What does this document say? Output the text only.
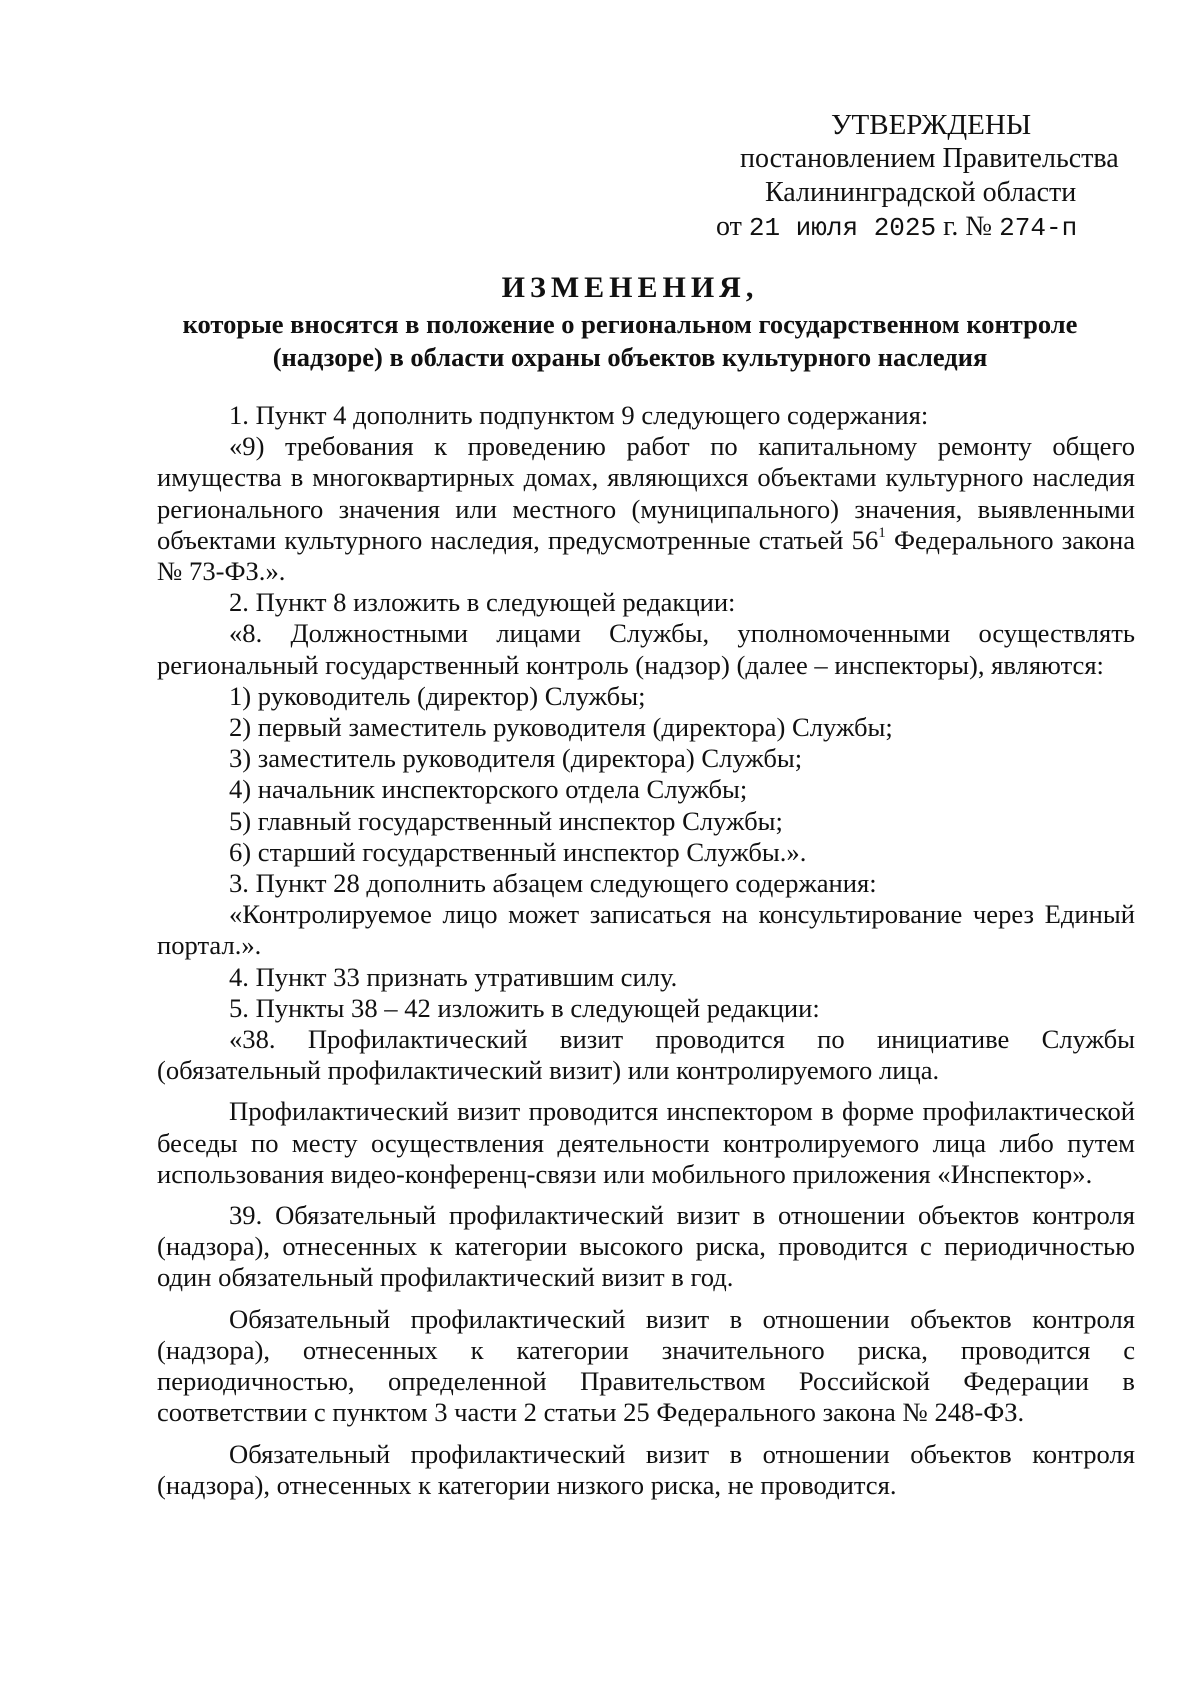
УТВЕРЖДЕНЫ
постановлением Правительства
Калининградской области
от 21 июля 2025 г. № 274-п
ИЗМЕНЕНИЯ,
которые вносятся в положение о региональном государственном контроле
(надзоре) в области охраны объектов культурного наследия

1. Пункт 4 дополнить подпунктом 9 следующего содержания:

«9) требования к проведению работ по капитальному ремонту общего имущества в многоквартирных домах, являющихся объектами культурного наследия регионального значения или местного (муниципального) значения, выявленными объектами культурного наследия, предусмотренные статьей $56^1$ Федерального закона № 73-ФЗ.».

2. Пункт 8 изложить в следующей редакции:

«8. Должностными лицами Службы, уполномоченными осуществлять региональный государственный контроль (надзор) (далее – инспекторы), являются:

1) руководитель (директор) Службы;

2) первый заместитель руководителя (директора) Службы;

3) заместитель руководителя (директора) Службы;

4) начальник инспекторского отдела Службы;

5) главный государственный инспектор Службы;

6) старший государственный инспектор Службы.».

3. Пункт 28 дополнить абзацем следующего содержания:

«Контролируемое лицо может записаться на консультирование через Единый портал.».

4. Пункт 33 признать утратившим силу.

5. Пункты 38 – 42 изложить в следующей редакции:

«38. Профилактический визит проводится по инициативе Службы (обязательный профилактический визит) или контролируемого лица.

Профилактический визит проводится инспектором в форме профилактической беседы по месту осуществления деятельности контролируемого лица либо путем использования видео-конференц-связи или мобильного приложения «Инспектор».

39. Обязательный профилактический визит в отношении объектов контроля (надзора), отнесенных к категории высокого риска, проводится с периодичностью один обязательный профилактический визит в год.

Обязательный профилактический визит в отношении объектов контроля (надзора), отнесенных к категории значительного риска, проводится с периодичностью, определенной Правительством Российской Федерации в соответствии с пунктом 3 части 2 статьи 25 Федерального закона № 248-ФЗ.

Обязательный профилактический визит в отношении объектов контроля (надзора), отнесенных к категории низкого риска, не проводится.
